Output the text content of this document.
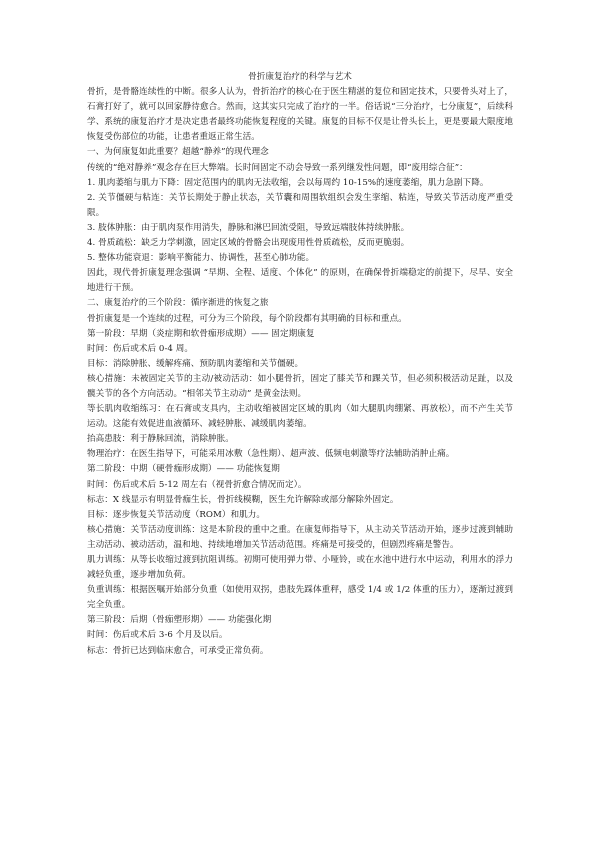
骨折康复治疗的科学与艺术

骨折，是骨骼连续性的中断。很多人认为，骨折治疗的核心在于医生精湛的复位和固定技术，只要骨头对上了，石膏打好了，就可以回家静待愈合。然而，这其实只完成了治疗的一半。俗话说“三分治疗，七分康复”，后续科学、系统的康复治疗才是决定患者最终功能恢复程度的关键。康复的目标不仅是让骨头长上，更是要最大限度地恢复受伤部位的功能，让患者重返正常生活。

一、为何康复如此重要？超越“静养”的现代理念

传统的“绝对静养”观念存在巨大弊端。长时间固定不动会导致一系列继发性问题，即“废用综合征”：

1. 肌肉萎缩与肌力下降：固定范围内的肌肉无法收缩，会以每周约 10-15%的速度萎缩，肌力急剧下降。

2. 关节僵硬与粘连：关节长期处于静止状态，关节囊和周围软组织会发生挛缩、粘连，导致关节活动度严重受限。

3. 肢体肿胀：由于肌肉泵作用消失，静脉和淋巴回流受阻，导致远端肢体持续肿胀。

4. 骨质疏松：缺乏力学刺激，固定区域的骨骼会出现废用性骨质疏松，反而更脆弱。

5. 整体功能衰退：影响平衡能力、协调性，甚至心肺功能。

因此，现代骨折康复理念强调 “早期、全程、适度、个体化” 的原则，在确保骨折端稳定的前提下，尽早、安全地进行干预。

二、康复治疗的三个阶段：循序渐进的恢复之旅

骨折康复是一个连续的过程，可分为三个阶段，每个阶段都有其明确的目标和重点。

第一阶段：早期（炎症期和软骨痂形成期）—— 固定期康复

时间：伤后或术后 0-4 周。

目标：消除肿胀、缓解疼痛、预防肌肉萎缩和关节僵硬。

核心措施：未被固定关节的主动/被动活动：如小腿骨折，固定了膝关节和踝关节，但必须积极活动足趾，以及髋关节的各个方向活动。“相邻关节主动动” 是黄金法则。

等长肌肉收缩练习：在石膏或支具内，主动收缩被固定区域的肌肉（如大腿肌肉绷紧、再放松），而不产生关节运动。这能有效促进血液循环、减轻肿胀、减缓肌肉萎缩。

抬高患肢：利于静脉回流，消除肿胀。

物理治疗：在医生指导下，可能采用冰敷（急性期）、超声波、低频电刺激等疗法辅助消肿止痛。

第二阶段：中期（硬骨痂形成期）—— 功能恢复期

时间：伤后或术后 5-12 周左右（视骨折愈合情况而定）。

标志：X 线显示有明显骨痂生长，骨折线模糊，医生允许解除或部分解除外固定。

目标：逐步恢复关节活动度（ROM）和肌力。

核心措施：关节活动度训练：这是本阶段的重中之重。在康复师指导下，从主动关节活动开始，逐步过渡到辅助主动活动、被动活动，温和地、持续地增加关节活动范围。疼痛是可接受的，但剧烈疼痛是警告。

肌力训练：从等长收缩过渡到抗阻训练。初期可使用弹力带、小哑铃，或在水池中进行水中运动，利用水的浮力减轻负重，逐步增加负荷。

负重训练：根据医嘱开始部分负重（如使用双拐，患肢先踩体重秤，感受 1/4 或 1/2 体重的压力），逐渐过渡到完全负重。

第三阶段：后期（骨痂塑形期）—— 功能强化期

时间：伤后或术后 3-6 个月及以后。

标志：骨折已达到临床愈合，可承受正常负荷。
